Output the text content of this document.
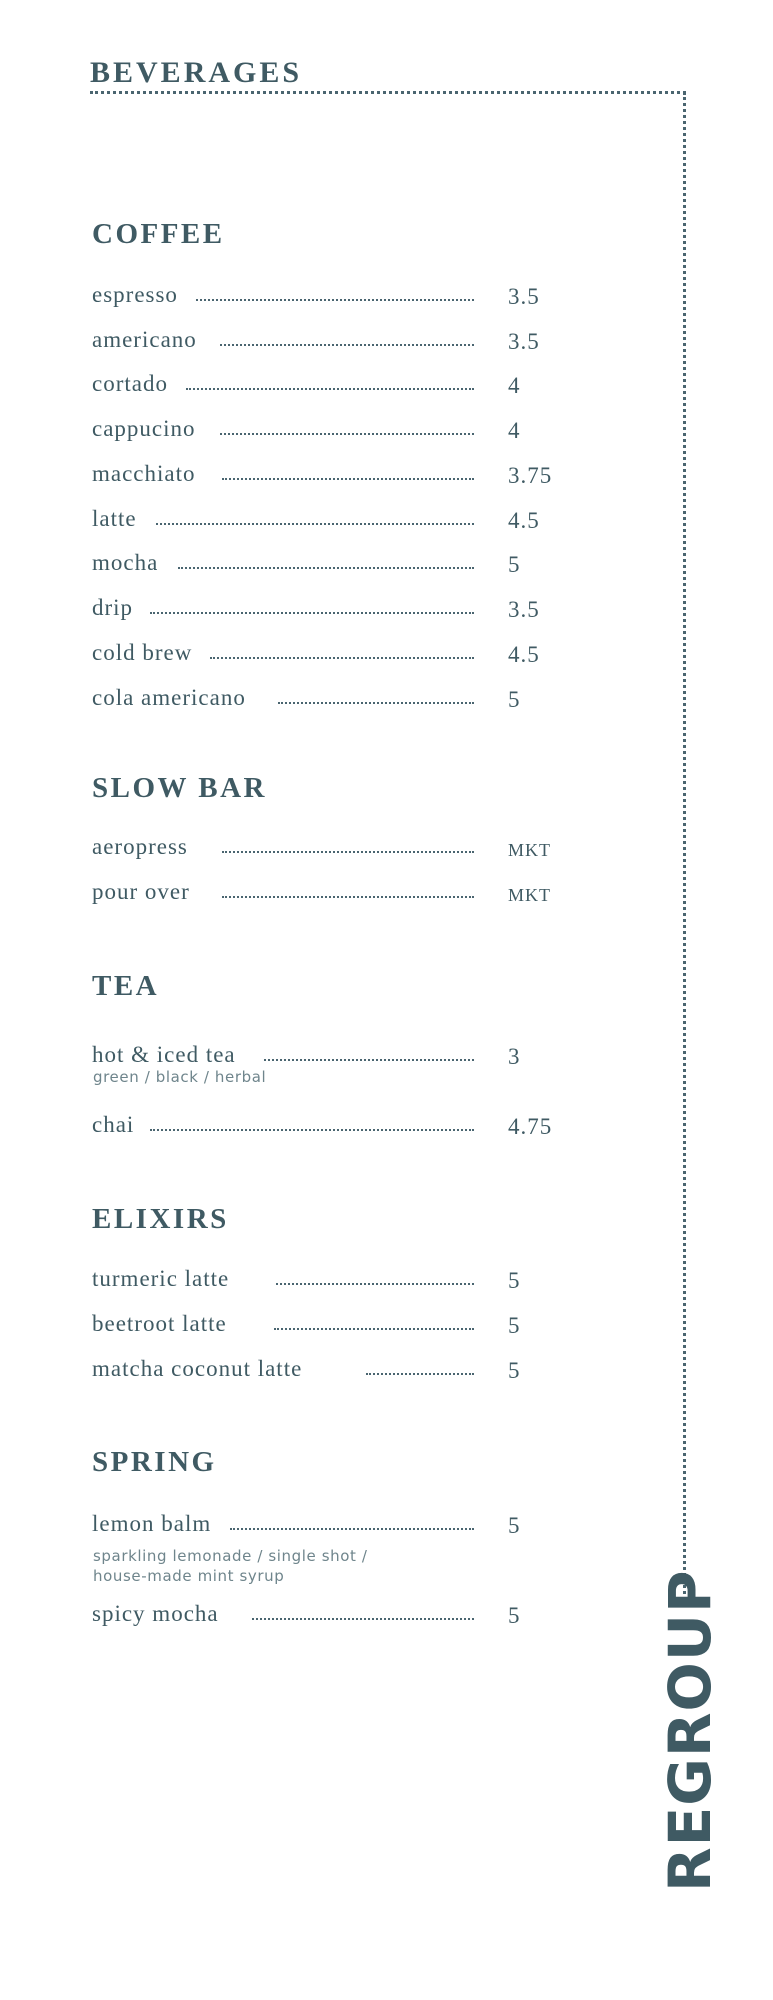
BEVERAGES
COFFEE
espresso	3.5
americano	3.5
cortado	4
cappucino	4
macchiato	3.75
latte	4.5
mocha	5
drip	3.5
cold brew	4.5
cola americano	5
SLOW BAR
aeropress	MKT
pour over	MKT
TEA
hot & iced tea	3
green / black / herbal
chai	4.75
ELIXIRS
turmeric latte	5
beetroot latte	5
matcha coconut latte	5
SPRING
lemon balm	5
sparkling lemonade / single shot /
house-made mint syrup
spicy mocha	5 REGROUP
